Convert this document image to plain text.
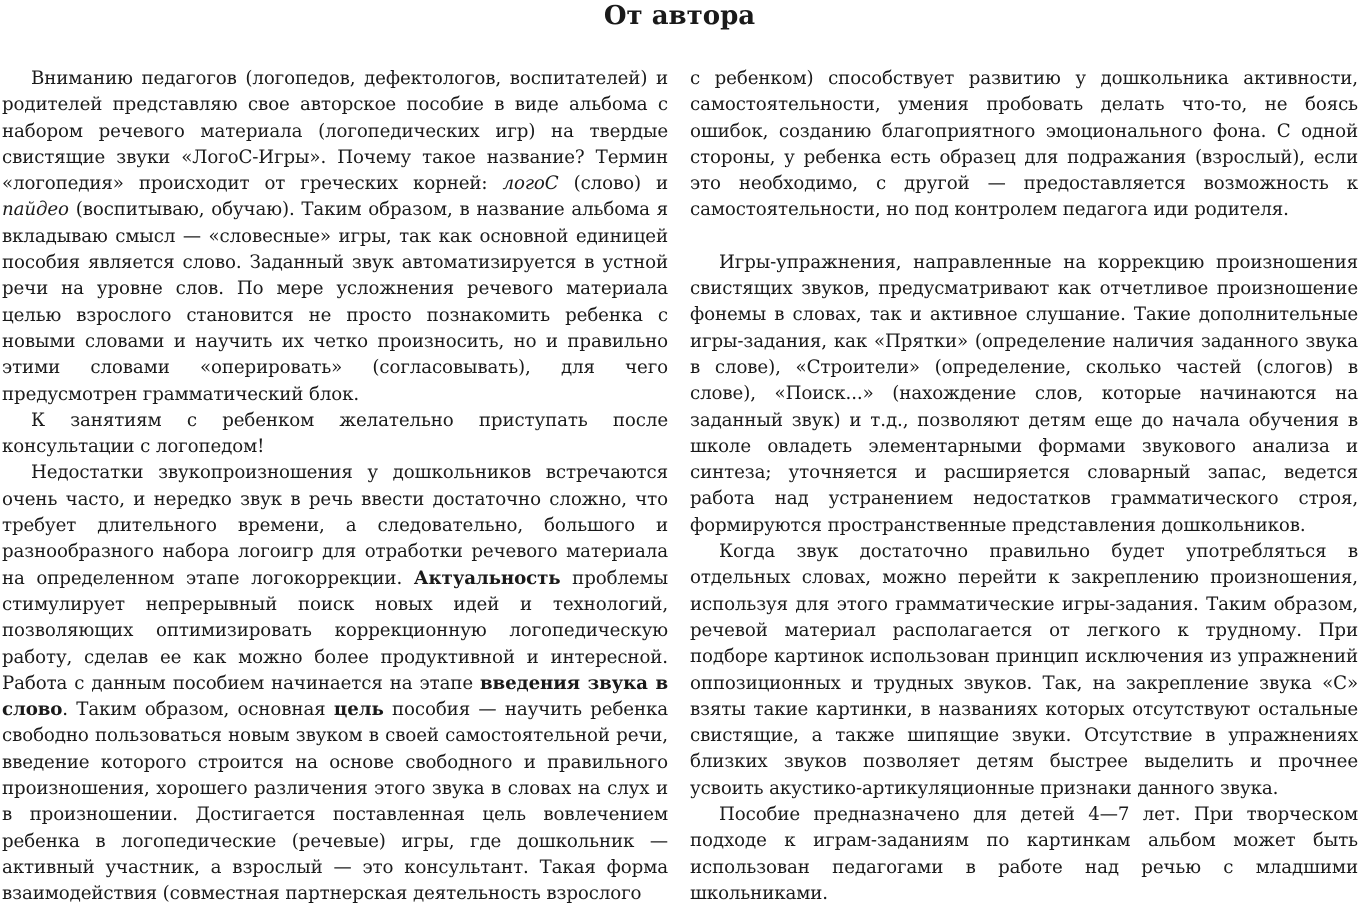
От автора

Вниманию педагогов (логопедов, дефектологов, воспитателей) и родителей представляю свое авторское пособие в виде альбома с набором речевого материала (логопедических игр) на твердые свистящие звуки «ЛогоС-Игры». Почему такое название? Термин «логопедия» происходит от греческих корней: логоС (слово) и пайдео (воспитываю, обучаю). Таким образом, в название альбома я вкладываю смысл — «словесные» игры, так как основной единицей пособия является слово. Заданный звук автоматизируется в устной речи на уровне слов. По мере усложнения речевого материала целью взрослого становится не просто познакомить ребенка с новыми словами и научить их четко произносить, но и правильно этими словами «оперировать» (согласовывать), для чего предусмотрен грамматический блок.

К занятиям с ребенком желательно приступать после консультации с логопедом!

Недостатки звукопроизношения у дошкольников встречаются очень часто, и нередко звук в речь ввести достаточно сложно, что требует длительного времени, а следовательно, большого и разнообразного набора логоигр для отработки речевого материала на определенном этапе логокоррекции. Актуальность проблемы стимулирует непрерывный поиск новых идей и технологий, позволяющих оптимизировать коррекционную логопедическую работу, сделав ее как можно более продуктивной и интересной. Работа с данным пособием начинается на этапе введения звука в слово. Таким образом, основная цель пособия — научить ребенка свободно пользоваться новым звуком в своей самостоятельной речи, введение которого строится на основе свободного и правильного произношения, хорошего различения этого звука в словах на слух и в произношении. Достигается поставленная цель вовлечением ребенка в логопедические (речевые) игры, где дошкольник — активный участник, а взрослый — это консультант. Такая форма взаимодействия (совместная партнерская деятельность взрослого

с ребенком) способствует развитию у дошкольника активности, самостоятельности, умения пробовать делать что-то, не боясь ошибок, созданию благоприятного эмоционального фона. С одной стороны, у ребенка есть образец для подражания (взрослый), если это необходимо, с другой — предоставляется возможность к самостоятельности, но под контролем педагога иди родителя.

Игры-упражнения, направленные на коррекцию произношения свистящих звуков, предусматривают как отчетливое произношение фонемы в словах, так и активное слушание. Такие дополнительные игры-задания, как «Прятки» (определение наличия заданного звука в слове), «Строители» (определение, сколько частей (слогов) в слове), «Поиск...» (нахождение слов, которые начинаются на заданный звук) и т.д., позволяют детям еще до начала обучения в школе овладеть элементарными формами звукового анализа и синтеза; уточняется и расширяется словарный запас, ведется работа над устранением недостатков грамматического строя, формируются пространственные представления дошкольников.

Когда звук достаточно правильно будет употребляться в отдельных словах, можно перейти к закреплению произношения, используя для этого грамматические игры-задания. Таким образом, речевой материал располагается от легкого к трудному. При подборе картинок использован принцип исключения из упражнений оппозиционных и трудных звуков. Так, на закрепление звука «С» взяты такие картинки, в названиях которых отсутствуют остальные свистящие, а также шипящие звуки. Отсутствие в упражнениях близких звуков позволяет детям быстрее выделить и прочнее усвоить акустико-артикуляционные признаки данного звука.

Пособие предназначено для детей 4—7 лет. При творческом подходе к играм-заданиям по картинкам альбом может быть использован педагогами в работе над речью с младшими школьниками.
